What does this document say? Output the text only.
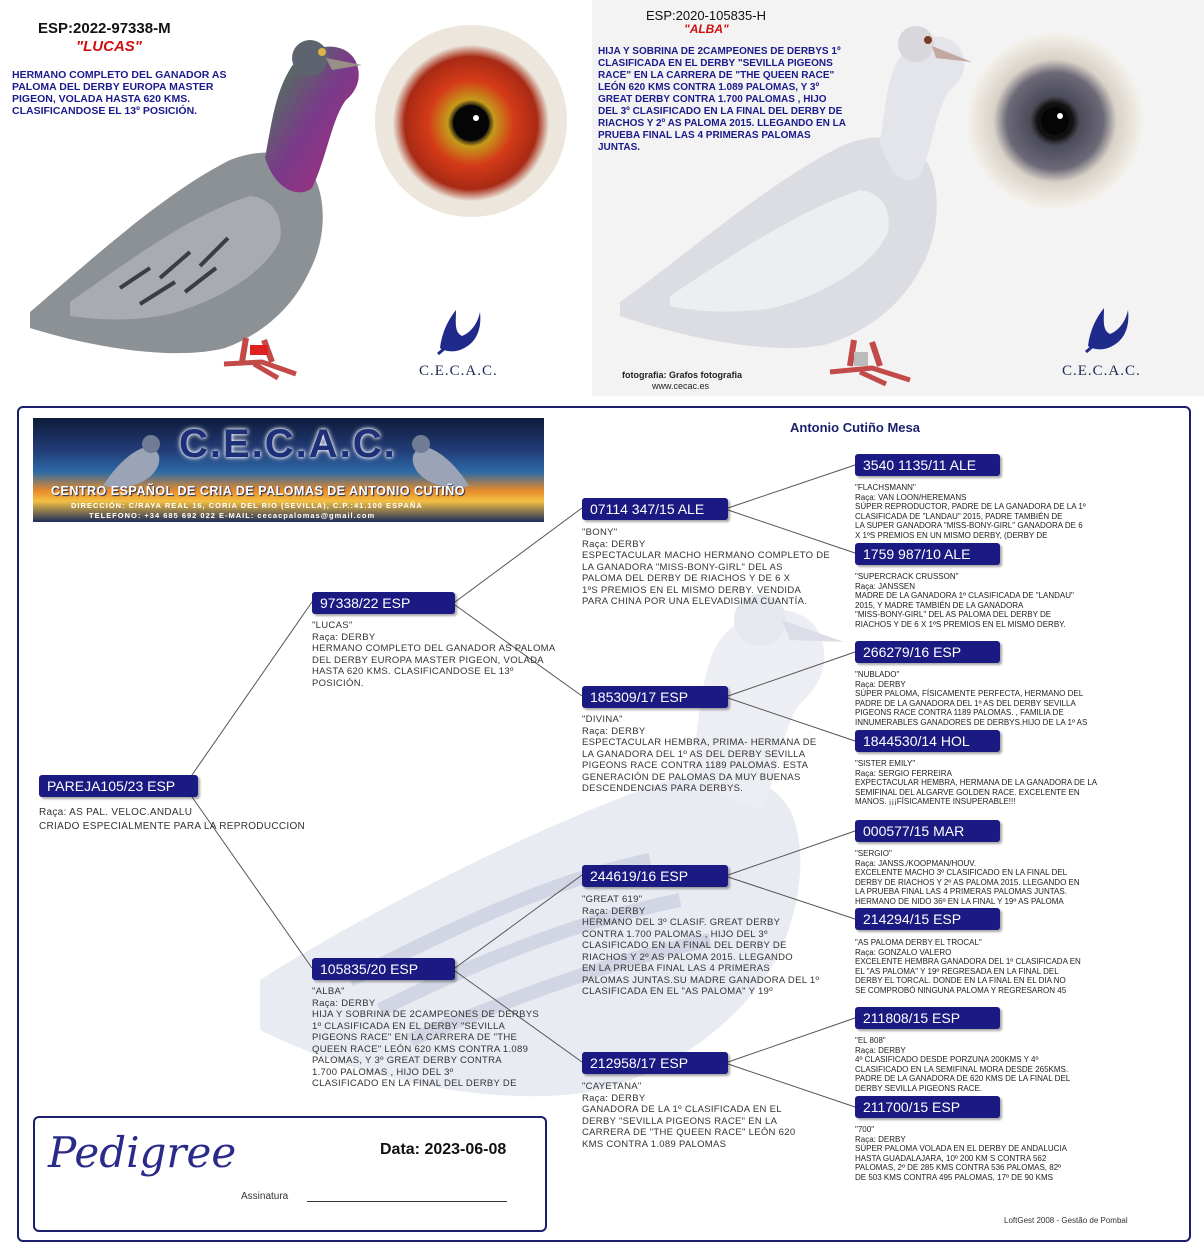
ESP:2022-97338-M
"LUCAS"
HERMANO COMPLETO DEL GANADOR AS PALOMA DEL DERBY EUROPA MASTER PIGEON, VOLADA HASTA 620 KMS. CLASIFICANDOSE EL 13º POSICIÓN.
C.E.C.A.C.
ESP:2020-105835-H
"ALBA"
HIJA Y SOBRINA DE 2CAMPEONES DE DERBYS 1º CLASIFICADA EN EL DERBY "SEVILLA PIGEONS RACE" EN LA CARRERA DE "THE QUEEN RACE" LEÓN 620 KMS CONTRA 1.089 PALOMAS, Y 3º GREAT DERBY CONTRA 1.700 PALOMAS , HIJO DEL 3º CLASIFICADO EN LA FINAL DEL DERBY DE RIACHOS Y 2º AS PALOMA 2015. LLEGANDO EN LA PRUEBA FINAL LAS 4 PRIMERAS PALOMAS JUNTAS.
fotografia: Grafos fotografia
www.cecac.es
C.E.C.A.C.
Antonio Cutiño Mesa
C.E.C.A.C.
CENTRO ESPAÑOL DE CRIA DE PALOMAS DE ANTONIO CUTIÑO
DIRECCIÓN: C/RAYA REAL 16, CORIA DEL RIO (SEVILLA), C.P.:41.100 ESPAÑA
TELEFONO: +34 685 692 022 E-MAIL: cecacpalomas@gmail.com
PAREJA105/23 ESP
Raça: AS PAL. VELOC.ANDALU
CRIADO ESPECIALMENTE PARA LA REPRODUCCION
97338/22 ESP
"LUCAS"
Raça: DERBY
HERMANO COMPLETO DEL GANADOR AS PALOMA
DEL DERBY EUROPA MASTER PIGEON, VOLADA
HASTA 620 KMS. CLASIFICANDOSE EL 13º
POSICIÓN.
105835/20 ESP
"ALBA"
Raça: DERBY
HIJA Y SOBRINA DE 2CAMPEONES DE DERBYS
1º CLASIFICADA EN EL DERBY "SEVILLA
PIGEONS RACE" EN LA CARRERA DE "THE
QUEEN RACE" LEÓN 620 KMS CONTRA 1.089
PALOMAS, Y 3º GREAT DERBY CONTRA
1.700 PALOMAS , HIJO DEL 3º
CLASIFICADO EN LA FINAL DEL DERBY DE
07114 347/15 ALE
"BONY"
Raça: DERBY
ESPECTACULAR MACHO HERMANO COMPLETO DE
LA GANADORA "MISS-BONY-GIRL" DEL AS
PALOMA DEL DERBY DE RIACHOS Y DE 6 X
1ºS PREMIOS EN EL MISMO DERBY. VENDIDA
PARA CHINA POR UNA ELEVADISIMA CUANTÍA.
185309/17 ESP
"DIVINA"
Raça: DERBY
ESPECTACULAR HEMBRA, PRIMA- HERMANA DE
LA GANADORA DEL 1º AS DEL DERBY SEVILLA
PIGEONS RACE CONTRA 1189 PALOMAS. ESTA
GENERACIÓN DE PALOMAS DA MUY BUENAS
DESCENDENCIAS PARA DERBYS.
244619/16 ESP
"GREAT 619"
Raça: DERBY
HERMANO DEL 3º CLASIF. GREAT DERBY
CONTRA 1.700 PALOMAS , HIJO DEL 3º
CLASIFICADO EN LA FINAL DEL DERBY DE
RIACHOS Y 2º AS PALOMA 2015. LLEGANDO
EN LA PRUEBA FINAL LAS 4 PRIMERAS
PALOMAS JUNTAS.SU MADRE GANADORA DEL 1º
CLASIFICADA EN EL "AS PALOMA" Y 19º
212958/17 ESP
"CAYETANA"
Raça: DERBY
GANADORA DE LA 1º CLASIFICADA EN EL
DERBY "SEVILLA PIGEONS RACE" EN LA
CARRERA DE "THE QUEEN RACE" LEÓN 620
KMS CONTRA 1.089 PALOMAS
3540 1135/11 ALE
"FLACHSMANN"
Raça: VAN LOON/HEREMANS
SÚPER REPRODUCTOR, PADRE DE LA GANADORA DE LA 1º
CLASIFICADA DE "LANDAU" 2015, PADRE TAMBIÉN DE
LA SUPER GANADORA "MISS-BONY-GIRL" GANADORA DE 6
X 1ºS PREMIOS EN UN MISMO DERBY, (DERBY DE
1759 987/10 ALE
"SUPERCRACK CRUSSON"
Raça: JANSSEN
MADRE DE LA GANADORA 1º CLASIFICADA DE "LANDAU"
2015, Y MADRE TAMBIÉN DE LA GANADORA
"MISS-BONY-GIRL" DEL AS PALOMA DEL DERBY DE
RIACHOS Y DE 6 X 1ºS PREMIOS EN EL MISMO DERBY.
266279/16 ESP
"NUBLADO"
Raça: DERBY
SÚPER PALOMA, FÍSICAMENTE PERFECTA, HERMANO DEL
PADRE DE LA GANADORA DEL 1º AS DEL DERBY SEVILLA
PIGEONS RACE CONTRA 1189 PALOMAS. , FAMILIA DE
INNUMERABLES GANADORES DE DERBYS.HIJO DE LA 1º AS
1844530/14 HOL
"SISTER EMILY"
Raça: SERGIO FERREIRA
EXPECTACULAR HEMBRA, HERMANA DE LA GANADORA DE LA
SEMIFINAL DEL ALGARVE GOLDEN RACE. EXCELENTE EN
MANOS. ¡¡¡FÍSICAMENTE INSUPERABLE!!!
000577/15 MAR
"SERGIO"
Raça: JANSS./KOOPMAN/HOUV.
EXCELENTE MACHO 3º CLASIFICADO EN LA FINAL DEL
DERBY DE RIACHOS Y 2º AS PALOMA 2015. LLEGANDO EN
LA PRUEBA FINAL LAS 4 PRIMERAS PALOMAS JUNTAS.
HERMANO DE NIDO 36º EN LA FINAL Y 19º AS PALOMA
214294/15 ESP
"AS PALOMA DERBY EL TROCAL"
Raça: GONZALO VALERO
EXCELENTE HEMBRA GANADORA DEL 1º CLASIFICADA EN
EL "AS PALOMA" Y 19º REGRESADA EN LA FINAL DEL
DERBY EL TORCAL. DONDE EN LA FINAL EN EL DIA NO
SE COMPROBÓ NINGUNA PALOMA Y REGRESARON 45
211808/15 ESP
"EL 808"
Raça: DERBY
4º CLASIFICADO DESDE PORZUNA 200KMS Y 4º
CLASIFICADO EN LA SEMIFINAL MORA DESDE 265KMS.
PADRE DE LA GANADORA DE 620 KMS DE LA FINAL DEL
DERBY SEVILLA PIGEONS RACE.
211700/15 ESP
"700"
Raça: DERBY
SÚPER PALOMA VOLADA EN EL DERBY DE ANDALUCIA
HASTA GUADALAJARA, 10º 200 KM S CONTRA 562
PALOMAS, 2º DE 285 KMS CONTRA 536 PALOMAS, 82º
DE 503 KMS CONTRA 495 PALOMAS, 17º DE 90 KMS
Pedigree	Data: 2023-06-08
Assinatura
LoftGest 2008 - Gestão de Pombal
